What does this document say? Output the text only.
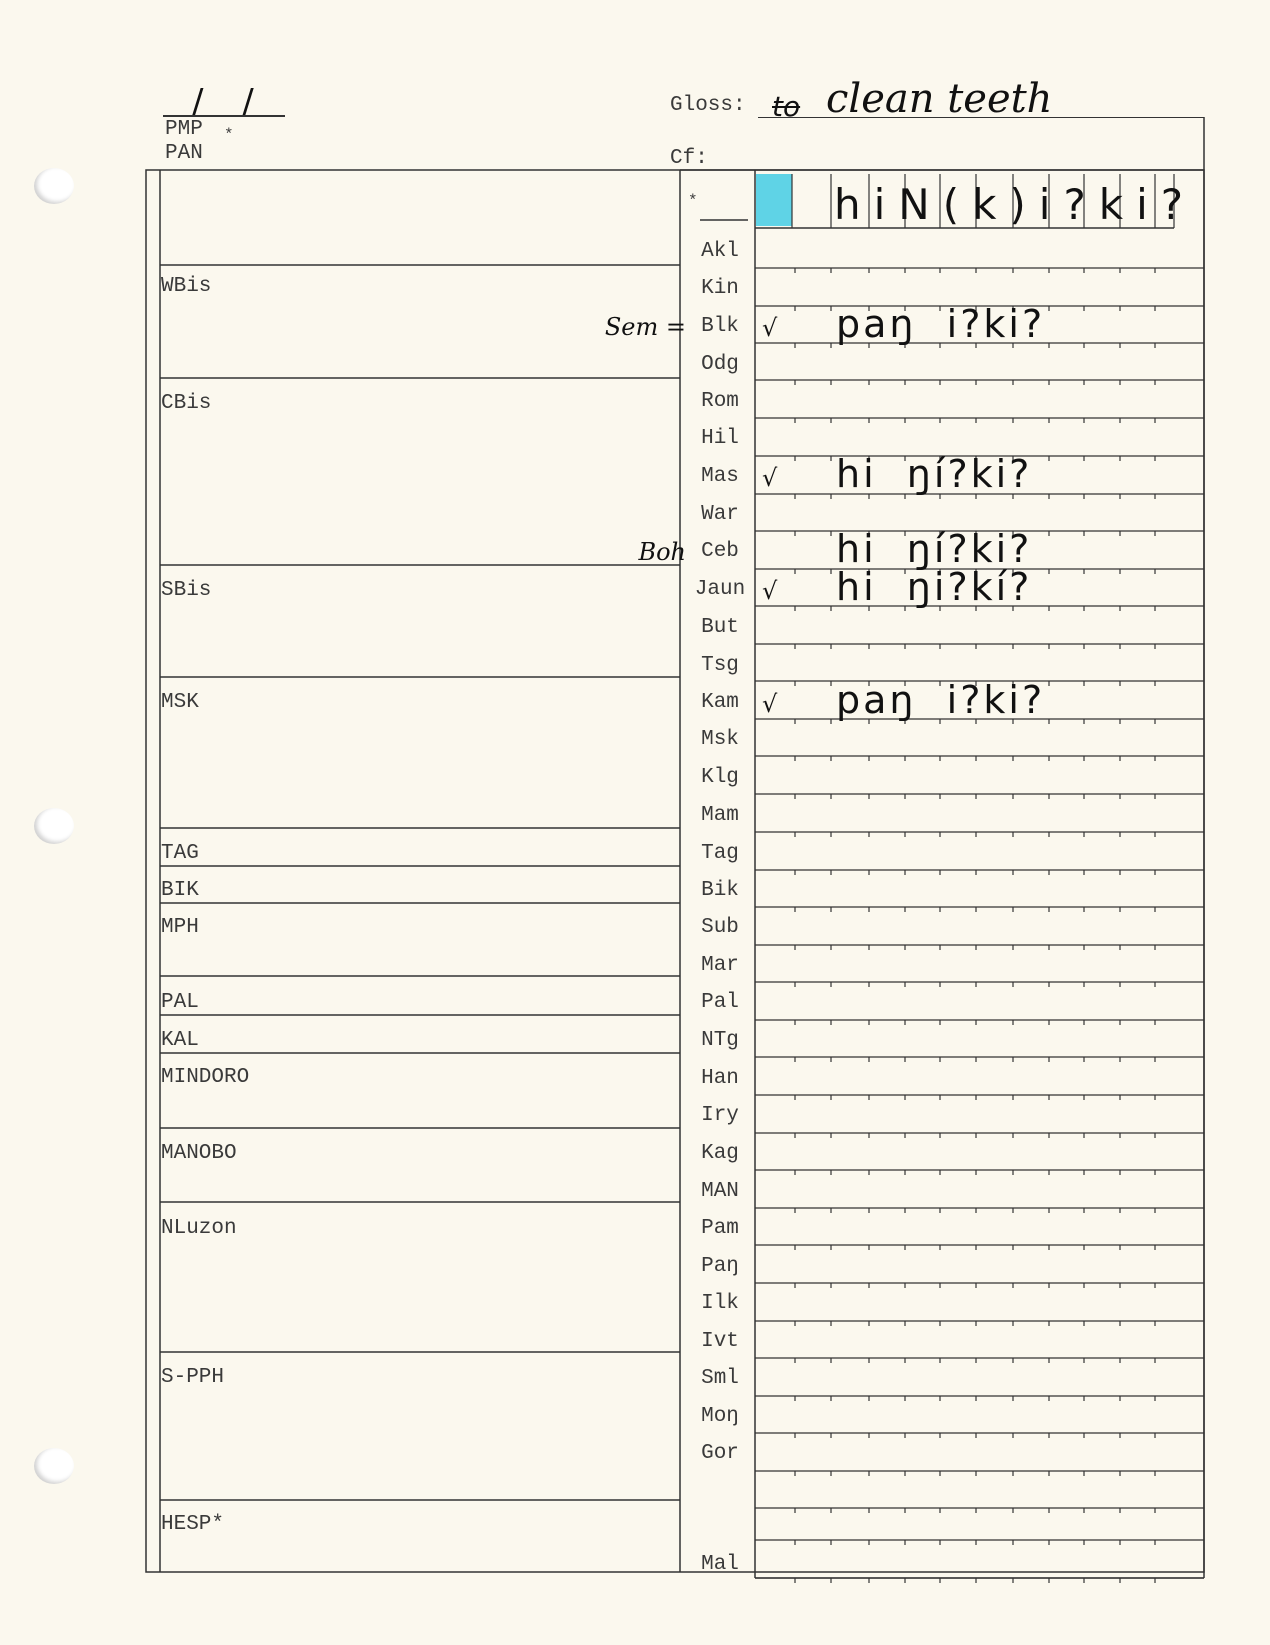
/ /
PMP *
PAN
Gloss: to clean teeth
Cf:
WBis
CBis
SBis
MSK
TAG
BIK
MPH
PAL
KAL
MINDORO
MANOBO
NLuzon
S-PPH
HESP*
*	hiN(k)i?ki?
Akl
Kin
Blk √ paŋ  i?ki?
Sem =
Odg
Rom
Hil
Mas √ hi  ŋí?ki?
War
Ceb	hi  ŋí?ki?
Boh
Jaun √ hi  ŋi?kí?
But
Tsg
Kam √ paŋ  i?ki?
Msk
Klg
Mam
Tag
Bik
Sub
Mar
Pal
NTg
Han
Iry
Kag
MAN
Pam
Paŋ
Ilk
Ivt
Sml
Moŋ
Gor
Mal
